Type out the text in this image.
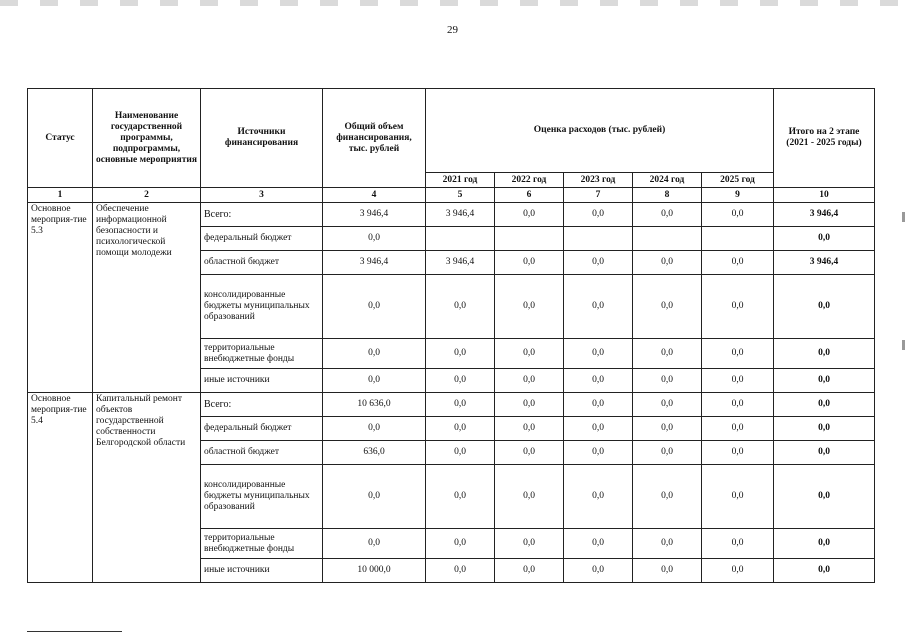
29
Статус	Наименование государственной программы, подпрограммы, основные мероприятия	Источники финансирования	Общий объем финансирования, тыс. рублей	Оценка расходов (тыс. рублей)					Итого на 2 этапе (2021 - 2025 годы)
				2021 год	2022 год	2023 год	2024 год	2025 год	
1	2	3	4	5	6	7	8	9	10
Основное мероприя-тие 5.3	Обеспечение информационной безопасности и психологической помощи молодежи	Всего:	3 946,4	3 946,4	0,0	0,0	0,0	0,0	3 946,4
		федеральный бюджет	0,0						0,0
		областной бюджет	3 946,4	3 946,4	0,0	0,0	0,0	0,0	3 946,4
		консолидированные бюджеты муниципальных образований	0,0	0,0	0,0	0,0	0,0	0,0	0,0
		территориальные внебюджетные фонды	0,0	0,0	0,0	0,0	0,0	0,0	0,0
		иные источники	0,0	0,0	0,0	0,0	0,0	0,0	0,0
Основное мероприя-тие 5.4	Капитальный ремонт объектов государственной собственности Белгородской области	Всего:	10 636,0	0,0	0,0	0,0	0,0	0,0	0,0
		федеральный бюджет	0,0	0,0	0,0	0,0	0,0	0,0	0,0
		областной бюджет	636,0	0,0	0,0	0,0	0,0	0,0	0,0
		консолидированные бюджеты муниципальных образований	0,0	0,0	0,0	0,0	0,0	0,0	0,0
		территориальные внебюджетные фонды	0,0	0,0	0,0	0,0	0,0	0,0	0,0
		иные источники	10 000,0	0,0	0,0	0,0	0,0	0,0	0,0
